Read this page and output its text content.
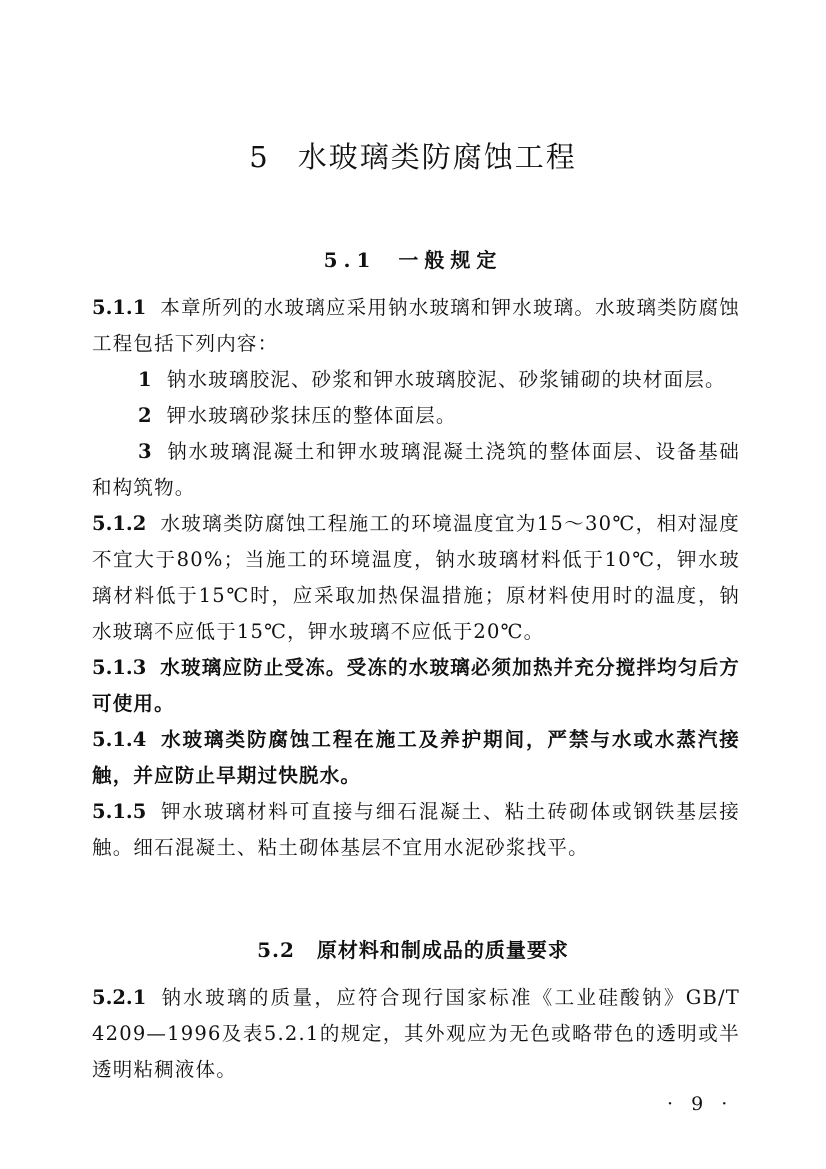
5 水玻璃类防腐蚀工程
5.1 一般规定

5.1.1 本章所列的水玻璃应采用钠水玻璃和钾水玻璃。水玻璃类防腐蚀工程包括下列内容：

1 钠水玻璃胶泥、砂浆和钾水玻璃胶泥、砂浆铺砌的块材面层。

2 钾水玻璃砂浆抹压的整体面层。

3 钠水玻璃混凝土和钾水玻璃混凝土浇筑的整体面层、设备基础和构筑物。

5.1.2 水玻璃类防腐蚀工程施工的环境温度宜为15～30℃，相对湿度不宜大于80%；当施工的环境温度，钠水玻璃材料低于10℃，钾水玻璃材料低于15℃时，应采取加热保温措施；原材料使用时的温度，钠水玻璃不应低于15℃，钾水玻璃不应低于20℃。

5.1.3 水玻璃应防止受冻。受冻的水玻璃必须加热并充分搅拌均匀后方可使用。

5.1.4 水玻璃类防腐蚀工程在施工及养护期间，严禁与水或水蒸汽接触，并应防止早期过快脱水。

5.1.5 钾水玻璃材料可直接与细石混凝土、粘土砖砌体或钢铁基层接触。细石混凝土、粘土砌体基层不宜用水泥砂浆找平。

5.2 原材料和制成品的质量要求

5.2.1 钠水玻璃的质量，应符合现行国家标准《工业硅酸钠》GB/T 4209—1996及表5.2.1的规定，其外观应为无色或略带色的透明或半透明粘稠液体。

· 9 ·
